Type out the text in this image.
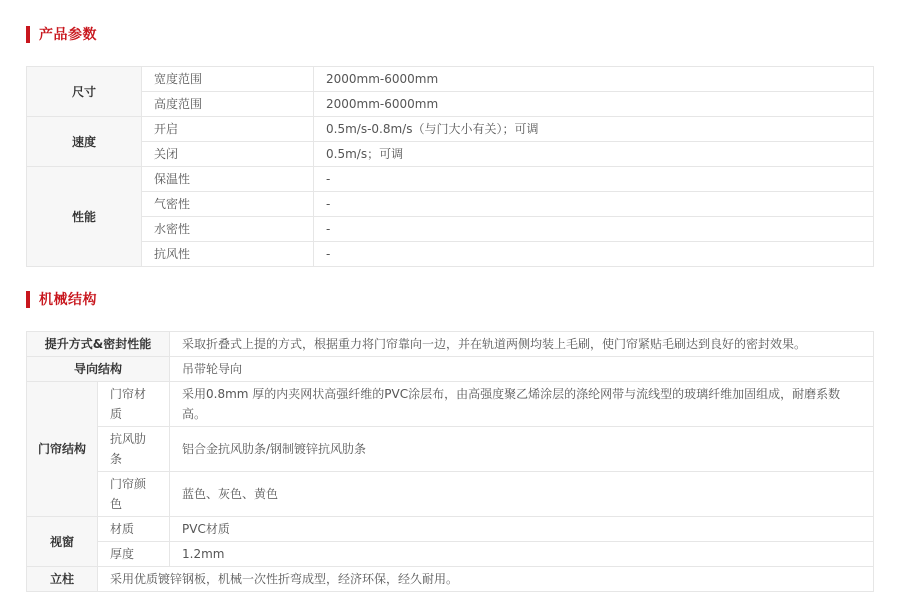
产品参数
尺寸	宽度范围	2000mm-6000mm
	高度范围	2000mm-6000mm
速度	开启	0.5m/s-0.8m/s（与门大小有关）；可调
	关闭	0.5m/s；可调
性能	保温性	-
	气密性	-
	水密性	-
	抗风性	-
机械结构
提升方式&密封性能		采取折叠式上提的方式，根据重力将门帘靠向一边，并在轨道两侧均装上毛刷，使门帘紧贴毛刷达到良好的密封效果。
导向结构		吊带轮导向
门帘结构	门帘材质	采用0.8mm 厚的内夹网状高强纤维的PVC涂层布，由高强度聚乙烯涂层的涤纶网带与流线型的玻璃纤维加固组成，耐磨系数高。
	抗风肋条	铝合金抗风肋条/钢制镀锌抗风肋条
	门帘颜色	蓝色、灰色、黄色
视窗	材质	PVC材质
	厚度	1.2mm
立柱	采用优质镀锌钢板，机械一次性折弯成型，经济环保，经久耐用。	
